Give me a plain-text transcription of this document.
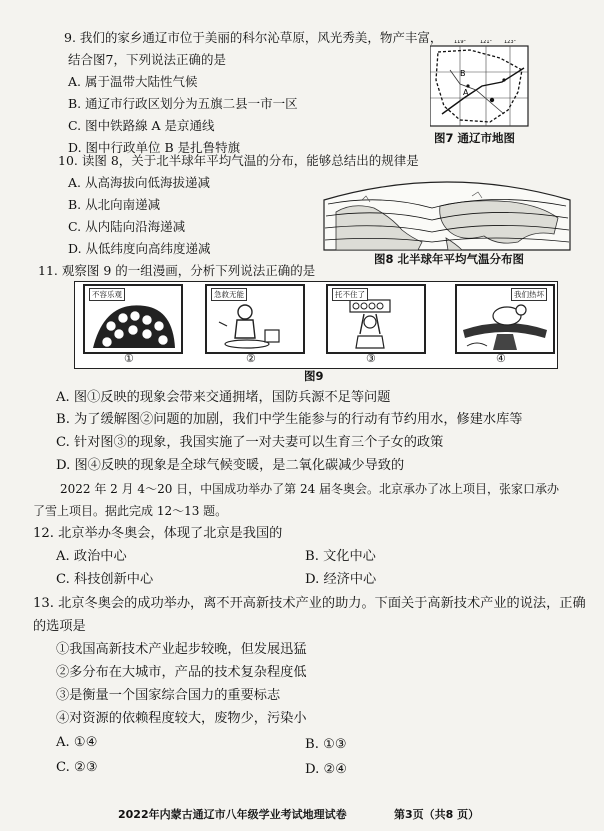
9. 我们的家乡通辽市位于美丽的科尔沁草原，风光秀美，物产丰富，
结合图7，下列说法正确的是
A. 属于温带大陆性气候
B. 通辽市行政区划分为五旗二县一市一区
C. 图中铁路線 A 是京通线
D. 图中行政单位 B 是扎鲁特旗
119°	121° 123°
B
A
图7 通辽市地图
10. 读图 8，关于北半球年平均气温的分布，能够总结出的规律是
A. 从高海拔向低海拔递减
B. 从北向南递减
C. 从内陆向沿海递减
D. 从低纬度向高纬度递减
图8 北半球年平均气温分布图
11. 观察图 9 的一组漫画，分析下列说法正确的是
不容乐观	急救无能	托不住了	我们热坏
①	②	③	④
图9
A. 图①反映的现象会带来交通拥堵，国防兵源不足等问题
B. 为了缓解图②问题的加剧，我们中学生能参与的行动有节约用水，修建水库等
C. 针对图③的现象，我国实施了一对夫妻可以生育三个子女的政策
D. 图④反映的现象是全球气候变暖，是二氧化碳减少导致的
2022 年 2 月 4～20 日，中国成功举办了第 24 届冬奥会。北京承办了冰上项目，张家口承办
了雪上项目。据此完成 12～13 题。
12. 北京举办冬奥会，体现了北京是我国的
A. 政治中心	B. 文化中心
C. 科技创新中心	D. 经济中心
13. 北京冬奥会的成功举办，离不开高新技术产业的助力。下面关于高新技术产业的说法，正确
的选项是
①我国高新技术产业起步较晚，但发展迅猛
②多分布在大城市，产品的技术复杂程度低
③是衡量一个国家综合国力的重要标志
④对资源的依赖程度较大，废物少，污染小
A. ①④	B. ①③
C. ②③	D. ②④
2022年内蒙古通辽市八年级学业考试地理试卷	第3页（共8 页）
